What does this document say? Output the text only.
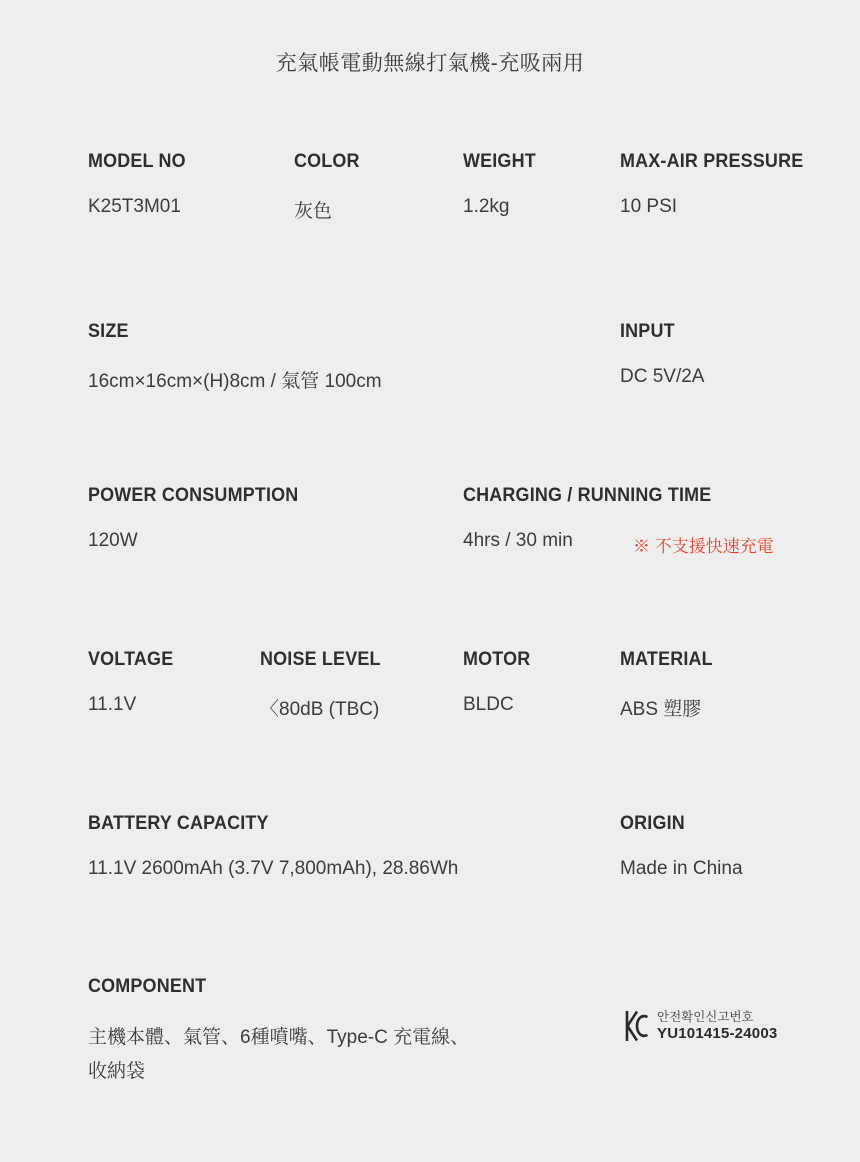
充氣帳電動無線打氣機-充吸兩用
MODEL NO
K25T3M01
COLOR
灰色
WEIGHT
1.2kg
MAX-AIR PRESSURE
10 PSI
SIZE
16cm×16cm×(H)8cm / 氣管 100cm
INPUT
DC 5V/2A
POWER CONSUMPTION
120W
CHARGING / RUNNING TIME
4hrs / 30 min	※ 不支援快速充電
VOLTAGE
11.1V
NOISE LEVEL
〈80dB (TBC)
MOTOR
BLDC
MATERIAL
ABS 塑膠
BATTERY CAPACITY
11.1V 2600mAh (3.7V 7,800mAh), 28.86Wh
ORIGIN
Made in China
COMPONENT
主機本體、氣管、6種噴嘴、Type-C 充電線、
收納袋
안전확인신고번호
YU101415-24003
